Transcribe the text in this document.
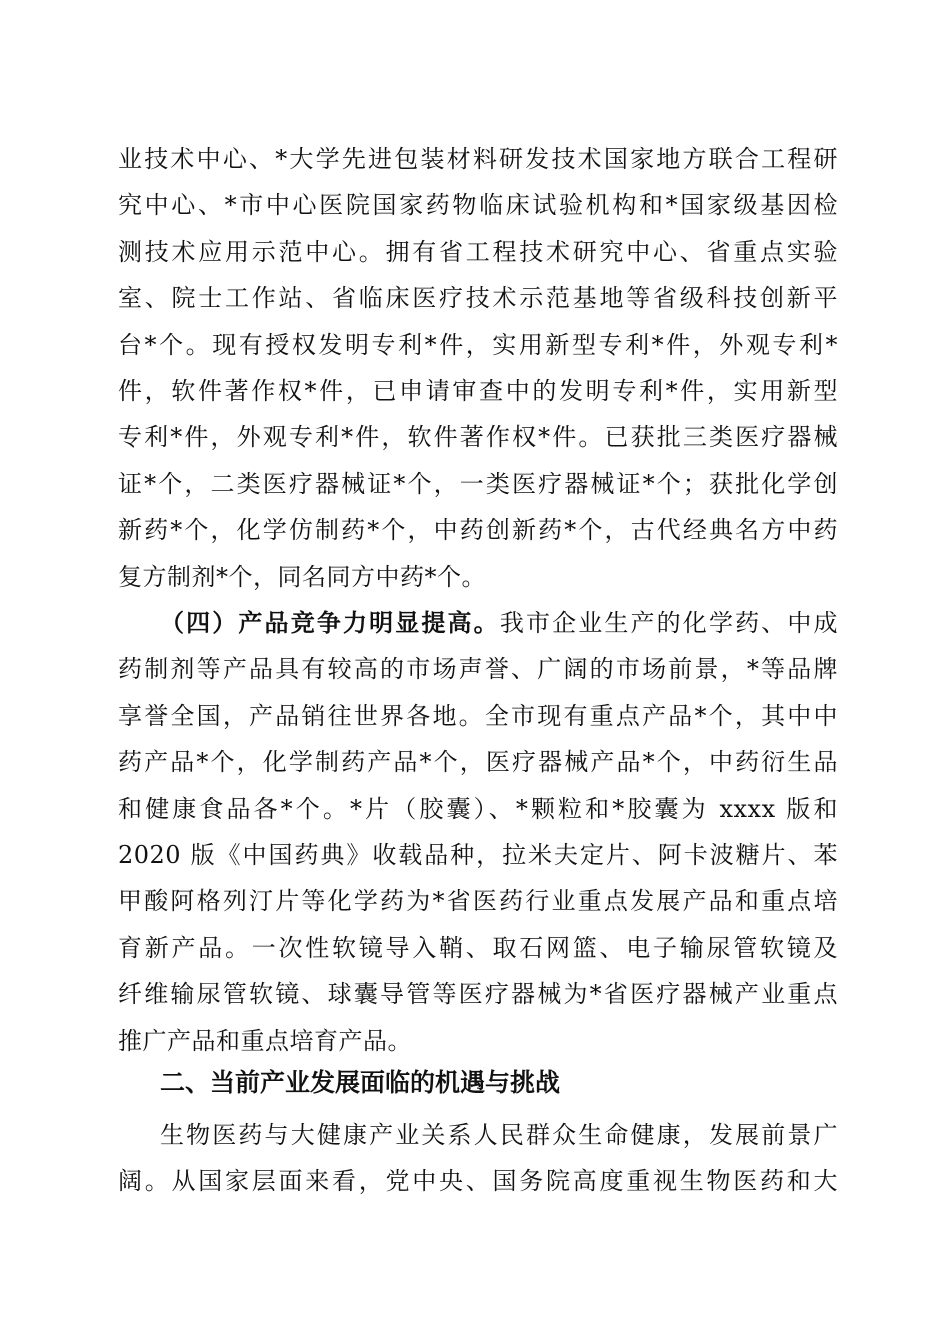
业技术中心、*大学先进包装材料研发技术国家地方联合工程研
究中心、*市中心医院国家药物临床试验机构和*国家级基因检
测技术应用示范中心。拥有省工程技术研究中心、省重点实验
室、院士工作站、省临床医疗技术示范基地等省级科技创新平
台*个。现有授权发明专利*件，实用新型专利*件，外观专利*
件，软件著作权*件，已申请审查中的发明专利*件，实用新型
专利*件，外观专利*件，软件著作权*件。已获批三类医疗器械
证*个，二类医疗器械证*个，一类医疗器械证*个；获批化学创
新药*个，化学仿制药*个，中药创新药*个，古代经典名方中药
复方制剂*个，同名同方中药*个。
（四）产品竞争力明显提高。我市企业生产的化学药、中成
药制剂等产品具有较高的市场声誉、广阔的市场前景，*等品牌
享誉全国，产品销往世界各地。全市现有重点产品*个，其中中
药产品*个，化学制药产品*个，医疗器械产品*个，中药衍生品
和健康食品各*个。*片（胶囊）、*颗粒和*胶囊为 xxxx 版和
2020 版《中国药典》收载品种，拉米夫定片、阿卡波糖片、苯
甲酸阿格列汀片等化学药为*省医药行业重点发展产品和重点培
育新产品。一次性软镜导入鞘、取石网篮、电子输尿管软镜及
纤维输尿管软镜、球囊导管等医疗器械为*省医疗器械产业重点
推广产品和重点培育产品。
二、当前产业发展面临的机遇与挑战
生物医药与大健康产业关系人民群众生命健康，发展前景广
阔。从国家层面来看，党中央、国务院高度重视生物医药和大
